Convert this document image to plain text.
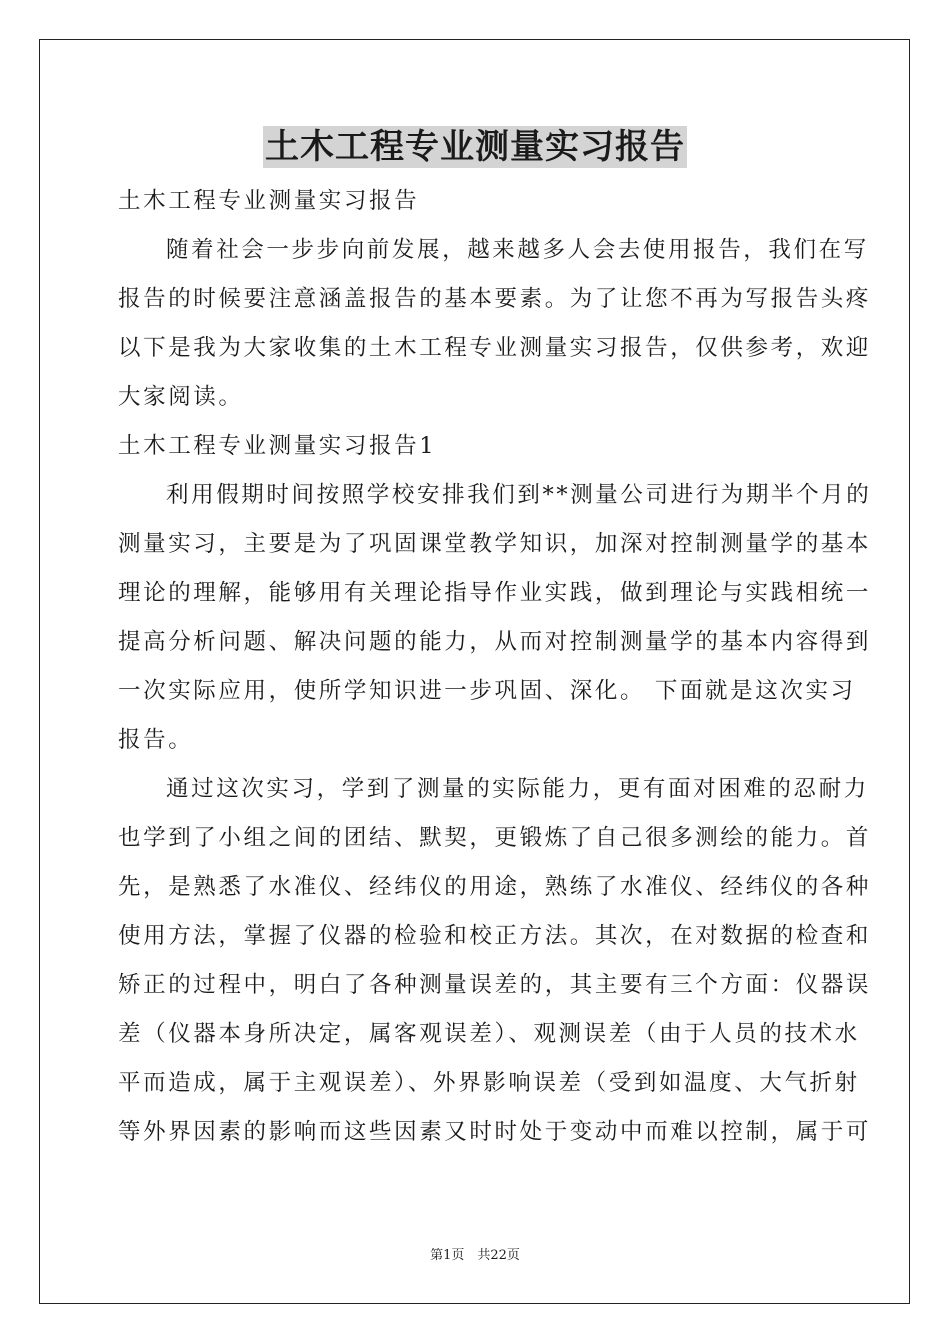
土木工程专业测量实习报告
土木工程专业测量实习报告
随着社会一步步向前发展，越来越多人会去使用报告，我们在写
报告的时候要注意涵盖报告的基本要素。为了让您不再为写报告头疼
以下是我为大家收集的土木工程专业测量实习报告，仅供参考，欢迎
大家阅读。
土木工程专业测量实习报告1
利用假期时间按照学校安排我们到**测量公司进行为期半个月的
测量实习，主要是为了巩固课堂教学知识，加深对控制测量学的基本
理论的理解，能够用有关理论指导作业实践，做到理论与实践相统一
提高分析问题、解决问题的能力，从而对控制测量学的基本内容得到
一次实际应用，使所学知识进一步巩固、深化。 下面就是这次实习
报告。
通过这次实习，学到了测量的实际能力，更有面对困难的忍耐力
也学到了小组之间的团结、默契，更锻炼了自己很多测绘的能力。首
先，是熟悉了水准仪、经纬仪的用途，熟练了水准仪、经纬仪的各种
使用方法，掌握了仪器的检验和校正方法。其次，在对数据的检查和
矫正的过程中，明白了各种测量误差的，其主要有三个方面：仪器误
差（仪器本身所决定，属客观误差）、观测误差（由于人员的技术水
平而造成，属于主观误差）、外界影响误差（受到如温度、大气折射
等外界因素的影响而这些因素又时时处于变动中而难以控制，属于可
第1页　共22页
